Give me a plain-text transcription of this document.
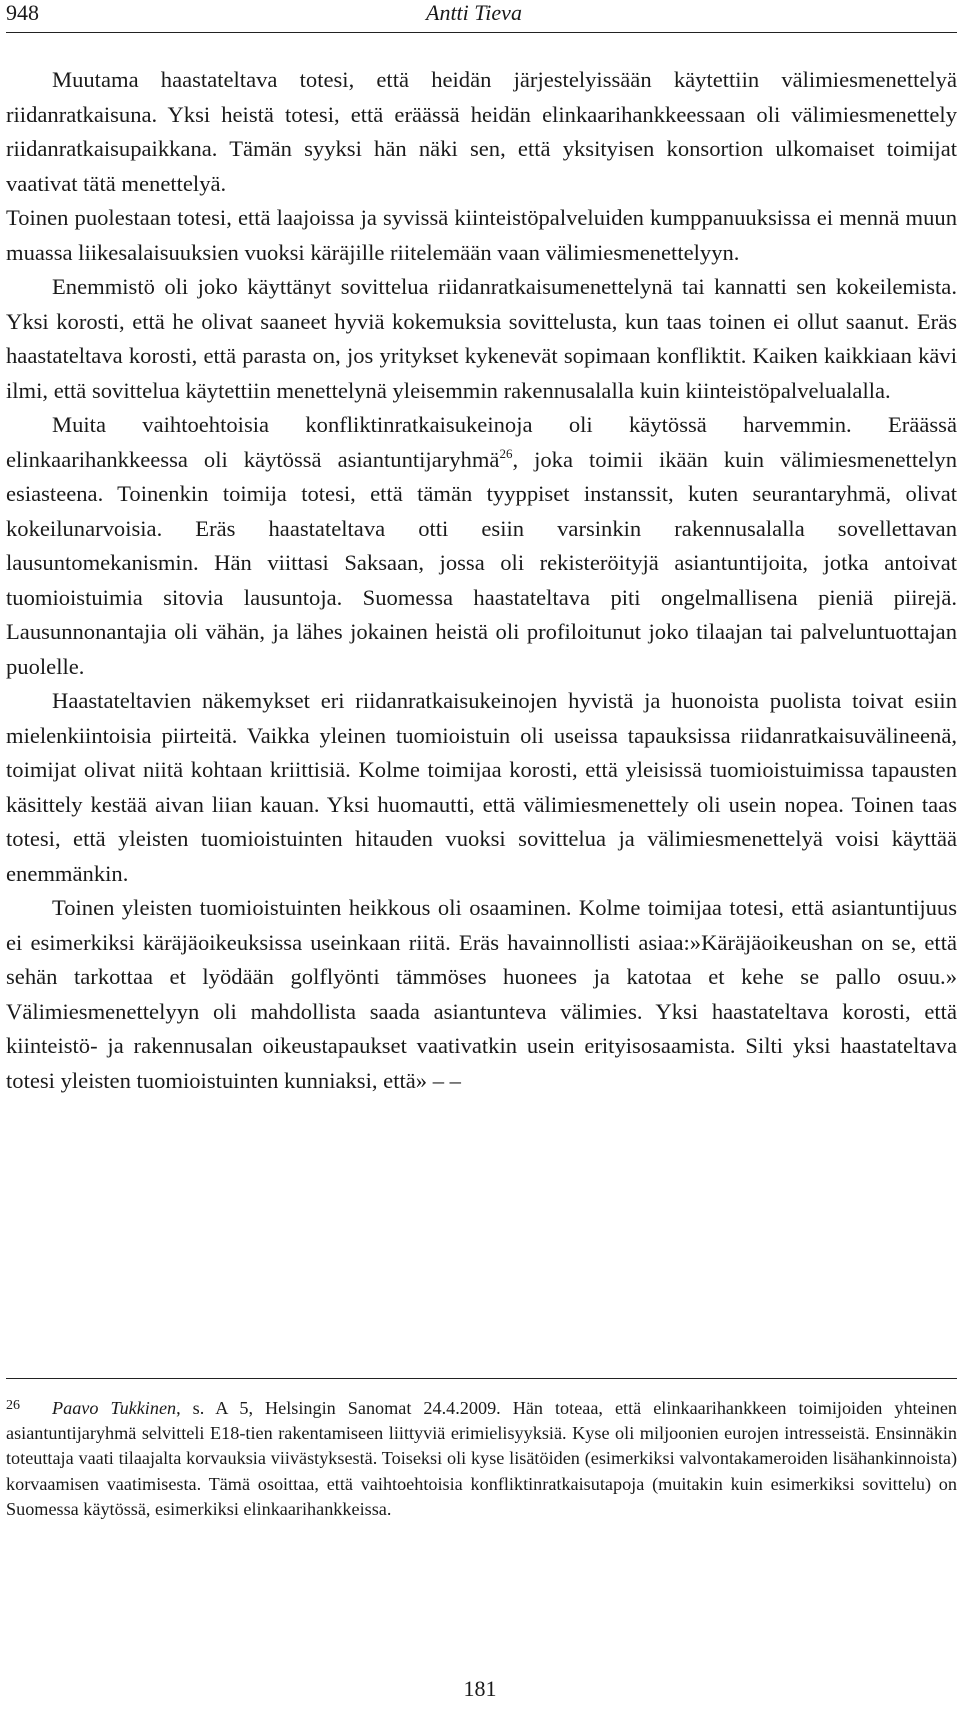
948	Antti Tieva

Muutama haastateltava totesi, että heidän järjestelyissään käytettiin välimiesmenettelyä riidanratkaisuna. Yksi heistä totesi, että eräässä heidän elinkaarihankkeessaan oli välimiesmenettely riidanratkaisupaikkana. Tämän syyksi hän näki sen, että yksityisen konsortion ulkomaiset toimijat vaativat tätä menettelyä.

Toinen puolestaan totesi, että laajoissa ja syvissä kiinteistöpalveluiden kumppanuuksissa ei mennä muun muassa liikesalaisuuksien vuoksi käräjille riitelemään vaan välimiesmenettelyyn.

Enemmistö oli joko käyttänyt sovittelua riidanratkaisumenettelynä tai kannatti sen kokeilemista. Yksi korosti, että he olivat saaneet hyviä kokemuksia sovittelusta, kun taas toinen ei ollut saanut. Eräs haastateltava korosti, että parasta on, jos yritykset kykenevät sopimaan konfliktit. Kaiken kaikkiaan kävi ilmi, että sovittelua käytettiin menettelynä yleisemmin rakennusalalla kuin kiinteistöpalvelualalla.

Muita vaihtoehtoisia konfliktinratkaisukeinoja oli käytössä harvemmin. Eräässä elinkaarihankkeessa oli käytössä asiantuntijaryhmä$^{26}$, joka toimii ikään kuin välimiesmenettelyn esiasteena. Toinenkin toimija totesi, että tämän tyyppiset instanssit, kuten seurantaryhmä, olivat kokeilunarvoisia. Eräs haastateltava otti esiin varsinkin rakennusalalla sovellettavan lausuntomekanismin. Hän viittasi Saksaan, jossa oli rekisteröityjä asiantuntijoita, jotka antoivat tuomioistuimia sitovia lausuntoja. Suomessa haastateltava piti ongelmallisena pieniä piirejä. Lausunnonantajia oli vähän, ja lähes jokainen heistä oli profiloitunut joko tilaajan tai palveluntuottajan puolelle.

Haastateltavien näkemykset eri riidanratkaisukeinojen hyvistä ja huonoista puolista toivat esiin mielenkiintoisia piirteitä. Vaikka yleinen tuomioistuin oli useissa tapauksissa riidanratkaisuvälineenä, toimijat olivat niitä kohtaan kriittisiä. Kolme toimijaa korosti, että yleisissä tuomioistuimissa tapausten käsittely kestää aivan liian kauan. Yksi huomautti, että välimiesmenettely oli usein nopea. Toinen taas totesi, että yleisten tuomioistuinten hitauden vuoksi sovittelua ja välimiesmenettelyä voisi käyttää enemmänkin.

Toinen yleisten tuomioistuinten heikkous oli osaaminen. Kolme toimijaa totesi, että asiantuntijuus ei esimerkiksi käräjäoikeuksissa useinkaan riitä. Eräs havainnollisti asiaa:»Käräjäoikeushan on se, että sehän tarkottaa et lyödään golflyönti tämmöses huonees ja katotaa et kehe se pallo osuu.» Välimiesmenettelyyn oli mahdollista saada asiantunteva välimies. Yksi haastateltava korosti, että kiinteistö- ja rakennusalan oikeustapaukset vaativatkin usein erityisosaamista. Silti yksi haastateltava totesi yleisten tuomioistuinten kunniaksi, että» – –

26 Paavo Tukkinen, s. A 5, Helsingin Sanomat 24.4.2009. Hän toteaa, että elinkaarihankkeen toimijoiden yhteinen asiantuntijaryhmä selvitteli E18-tien rakentamiseen liittyviä erimielisyyksiä. Kyse oli miljoonien eurojen intresseistä. Ensinnäkin toteuttaja vaati tilaajalta korvauksia viivästyksestä. Toiseksi oli kyse lisätöiden (esimerkiksi valvontakameroiden lisähankinnoista) korvaamisen vaatimisesta. Tämä osoittaa, että vaihtoehtoisia konfliktinratkaisutapoja (muitakin kuin esimerkiksi sovittelu) on Suomessa käytössä, esimerkiksi elinkaarihankkeissa.

181
